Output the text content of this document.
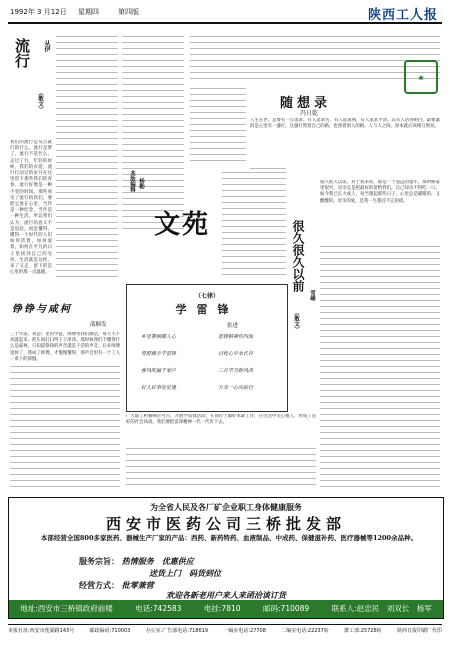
1992年 3 月12日 星期四	第四版	陕西工人报
流行	从伊
（散文）
我们的流行是从古就行的什么。流行是梦了，流行不是什么，走过了行，年轻的时候，我们的衣裳，流行打动过的岁月在这里留下那些我们的青春，流行好像是一种不变的时间。那些看见了流行的我们，要把它放在心里，当作是一种纪念，当作是一种生活。所以我们认为，流行的意义不是追赶，而是懂得，懂得一个时代的人们如何活着，如何爱着，如何在平凡的日子里找到自己的光亮。生活就是这样，来了又走，留下的是心里的那一点温暖。
★
随想录
冯日乾
人生在世，总要有一点追求。有人追求名，有人追求利，有人追求平淡。其实人活得明白，最要紧的是心里有一盏灯。这盏灯照着自己的路，也照着别人的路。人与人之间，原本就应该相互照亮。
本版编辑 杨勒
文苑	很久很久以前
（散文）
雪峰
很久很久以前，对于我来说，那是一个遥远的童年。那时候家里很穷，母亲总是把最好的留给我们，自己却舍不得吃一口。如今我已长大成人，每当想起那些日子，心里总是暖暖的，又酸酸的。母亲的爱，是我一生都还不完的债。
铮铮与咸柯
邵顺发
三十年前，我是厂里的学徒，师傅带我们做活，每天天不亮就起来，把车间打扫得干干净净。那时候我们不懂得什么是咸柯，只知道铮铮的声音就是干活的声音。后来师傅退休了，我成了师傅，才慢慢懂得，那声音里有一个工人一辈子的骄傲。
（七律）
学雷锋
张进
乡里帮困暖人心	雷锋精神传四海
党群携手学雷锋	百姓心中永长存
春风吹遍千家户	三月学习新风尚
好人好事处处逢	万众一心向前行
广大职工积极响应号召，开展学雷锋活动，在岗位上做好本职工作，在生活中关心他人，形成了良好的社会风尚。我们要把雷锋精神一代一代传下去。
为全省人民及各厂矿企业职工身体健康服务
西安市医药公司三桥批发部
本部经营全国800多家医药、器械生产厂家的产品：西药、新药特药、血液制品、中成药、保健滋补药、医疗器械等1200余品种。
服务宗旨： 热情服务　优惠供应
送货上门　码货到位
经营方式： 批零兼营
欢迎各新老用户来人来函洽谈订货
地址:西安市三桥镇政府前楼	电话:742583	电挂:7810	邮码:710089	联系人:赵忠民　刘双长　杨军
本报社址:西安市莲湖路143号	邮政编码:710003	办公室:广告部电话:718619	一编室电话:27708	二编室电话:22237转	群工部:25728转	陕西日报印刷厂代印
